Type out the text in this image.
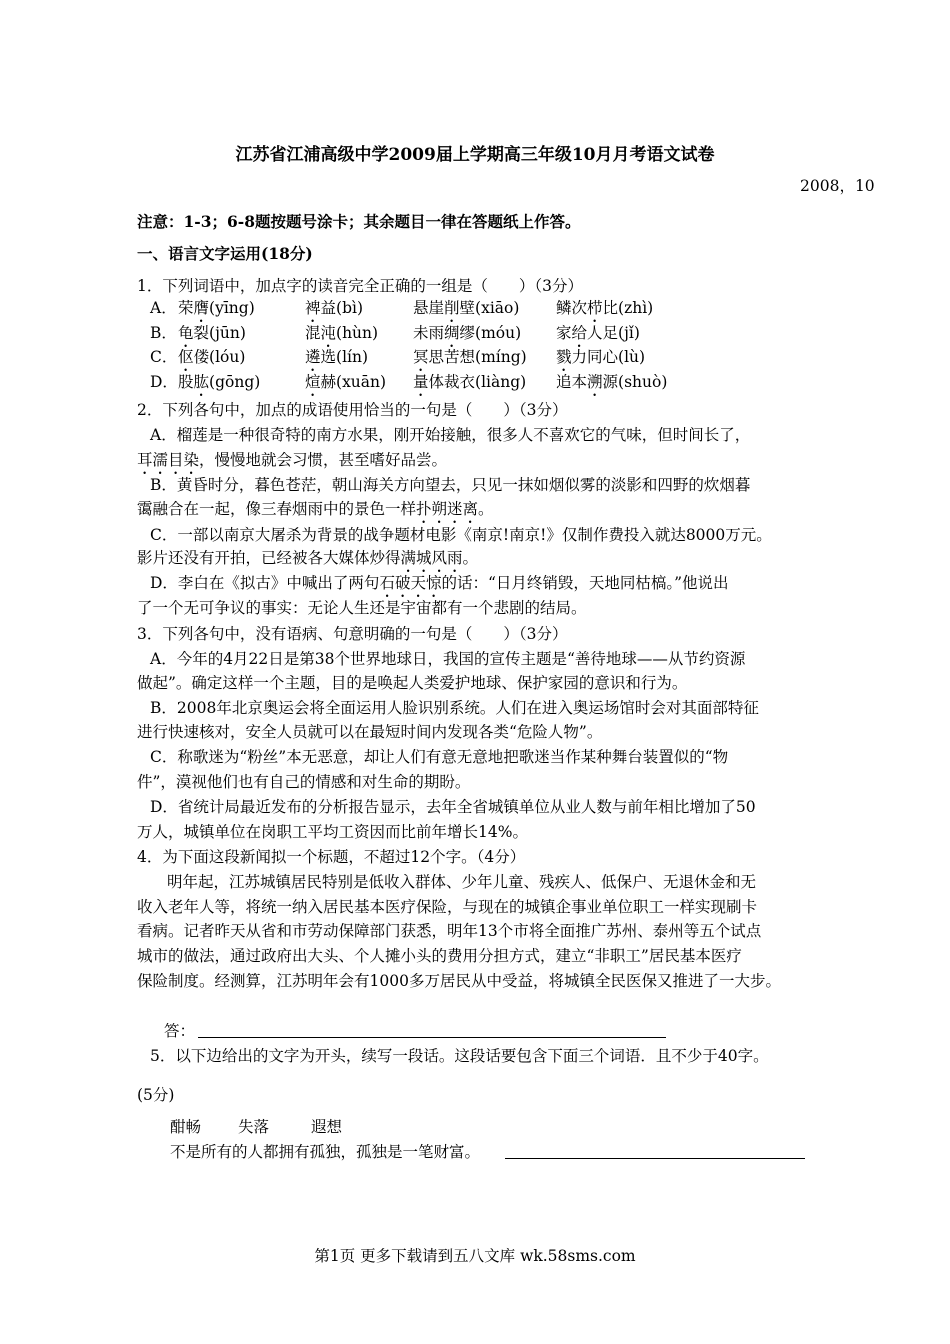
江苏省江浦高级中学2009届上学期高三年级10月月考语文试卷
2008，10
注意：1-3；6-8题按题号涂卡；其余题目一律在答题纸上作答。
一、语言文字运用(18分)
1．下列词语中，加点字的读音完全正确的一组是（　　）（3分）
A． 荣膺(yīng)	裨益(bì)	悬崖削壁(xiāo) 鳞次栉比(zhì)
B． 龟裂(jūn)	混沌(hùn) 未雨绸缪(móu) 家给人足(jǐ)
C． 伛偻(lóu)	遴选(lín)	冥思苦想(míng) 戮力同心(lù)
D． 股肱(gōng)	煊赫(xuān) 量体裁衣(liàng) 追本溯源(shuò)
2．下列各句中，加点的成语使用恰当的一句是（　　）（3分）
A．榴莲是一种很奇特的南方水果，刚开始接触，很多人不喜欢它的气味，但时间长了，
耳濡目染，慢慢地就会习惯，甚至嗜好品尝。
B．黄昏时分，暮色苍茫，朝山海关方向望去，只见一抹如烟似雾的淡影和四野的炊烟暮
霭融合在一起，像三春烟雨中的景色一样扑朔迷离。
C．一部以南京大屠杀为背景的战争题材电影《南京!南京!》仅制作费投入就达8000万元。
影片还没有开拍，已经被各大媒体炒得满城风雨。
D．李白在《拟古》中喊出了两句石破天惊的话：“日月终销毁，天地同枯槁。”他说出
了一个无可争议的事实：无论人生还是宇宙都有一个悲剧的结局。
3．下列各句中，没有语病、句意明确的一句是（　　）（3分）
A．今年的4月22日是第38个世界地球日，我国的宣传主题是“善待地球——从节约资源
做起”。确定这样一个主题，目的是唤起人类爱护地球、保护家园的意识和行为。
B．2008年北京奥运会将全面运用人脸识别系统。人们在进入奥运场馆时会对其面部特征
进行快速核对，安全人员就可以在最短时间内发现各类“危险人物”。
C．称歌迷为“粉丝”本无恶意，却让人们有意无意地把歌迷当作某种舞台装置似的“物
件”，漠视他们也有自己的情感和对生命的期盼。
D．省统计局最近发布的分析报告显示，去年全省城镇单位从业人数与前年相比增加了50
万人，城镇单位在岗职工平均工资因而比前年增长14%。
4．为下面这段新闻拟一个标题，不超过12个字。（4分）
明年起，江苏城镇居民特别是低收入群体、少年儿童、残疾人、低保户、无退休金和无
收入老年人等，将统一纳入居民基本医疗保险，与现在的城镇企事业单位职工一样实现刷卡
看病。记者昨天从省和市劳动保障部门获悉，明年13个市将全面推广苏州、泰州等五个试点
城市的做法，通过政府出大头、个人摊小头的费用分担方式，建立“非职工”居民基本医疗
保险制度。经测算，江苏明年会有1000多万居民从中受益，将城镇全民医保又推进了一大步。
答：
5．以下边给出的文字为开头，续写一段话。这段话要包含下面三个词语．且不少于40字。
(5分)
酣畅 失落	遐想
不是所有的人都拥有孤独，孤独是一笔财富。
第1页 更多下载请到五八文库 wk.58sms.com
